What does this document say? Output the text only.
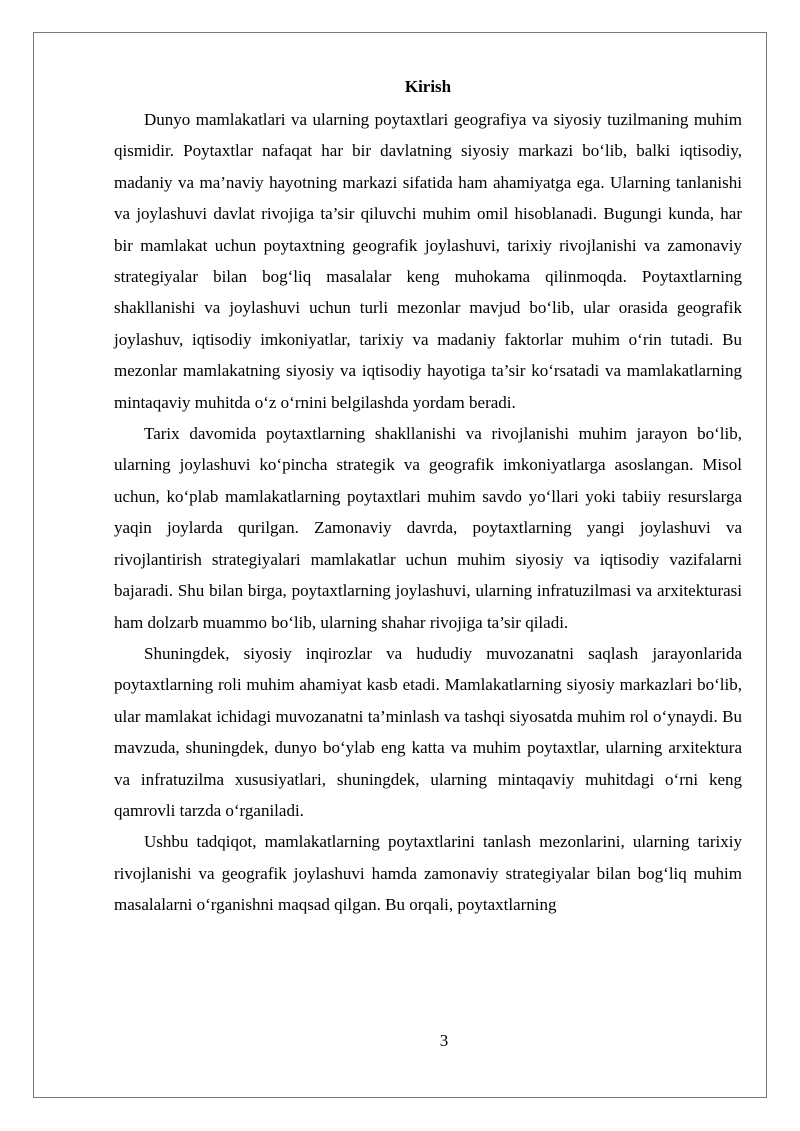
Kirish

Dunyo mamlakatlari va ularning poytaxtlari geografiya va siyosiy tuzilmaning muhim qismidir. Poytaxtlar nafaqat har bir davlatning siyosiy markazi bo‘lib, balki iqtisodiy, madaniy va ma’naviy hayotning markazi sifatida ham ahamiyatga ega. Ularning tanlanishi va joylashuvi davlat rivojiga ta’sir qiluvchi muhim omil hisoblanadi. Bugungi kunda, har bir mamlakat uchun poytaxtning geografik joylashuvi, tarixiy rivojlanishi va zamonaviy strategiyalar bilan bog‘liq masalalar keng muhokama qilinmoqda. Poytaxtlarning shakllanishi va joylashuvi uchun turli mezonlar mavjud bo‘lib, ular orasida geografik joylashuv, iqtisodiy imkoniyatlar, tarixiy va madaniy faktorlar muhim o‘rin tutadi. Bu mezonlar mamlakatning siyosiy va iqtisodiy hayotiga ta’sir ko‘rsatadi va mamlakatlarning mintaqaviy muhitda o‘z o‘rnini belgilashda yordam beradi.

Tarix davomida poytaxtlarning shakllanishi va rivojlanishi muhim jarayon bo‘lib, ularning joylashuvi ko‘pincha strategik va geografik imkoniyatlarga asoslangan. Misol uchun, ko‘plab mamlakatlarning poytaxtlari muhim savdo yo‘llari yoki tabiiy resurslarga yaqin joylarda qurilgan. Zamonaviy davrda, poytaxtlarning yangi joylashuvi va rivojlantirish strategiyalari mamlakatlar uchun muhim siyosiy va iqtisodiy vazifalarni bajaradi. Shu bilan birga, poytaxtlarning joylashuvi, ularning infratuzilmasi va arxitekturasi ham dolzarb muammo bo‘lib, ularning shahar rivojiga ta’sir qiladi.

Shuningdek, siyosiy inqirozlar va hududiy muvozanatni saqlash jarayonlarida poytaxtlarning roli muhim ahamiyat kasb etadi. Mamlakatlarning siyosiy markazlari bo‘lib, ular mamlakat ichidagi muvozanatni ta’minlash va tashqi siyosatda muhim rol o‘ynaydi. Bu mavzuda, shuningdek, dunyo bo‘ylab eng katta va muhim poytaxtlar, ularning arxitektura va infratuzilma xususiyatlari, shuningdek, ularning mintaqaviy muhitdagi o‘rni keng qamrovli tarzda o‘rganiladi.

Ushbu tadqiqot, mamlakatlarning poytaxtlarini tanlash mezonlarini, ularning tarixiy rivojlanishi va geografik joylashuvi hamda zamonaviy strategiyalar bilan bog‘liq muhim masalalarni o‘rganishni maqsad qilgan. Bu orqali, poytaxtlarning

3
